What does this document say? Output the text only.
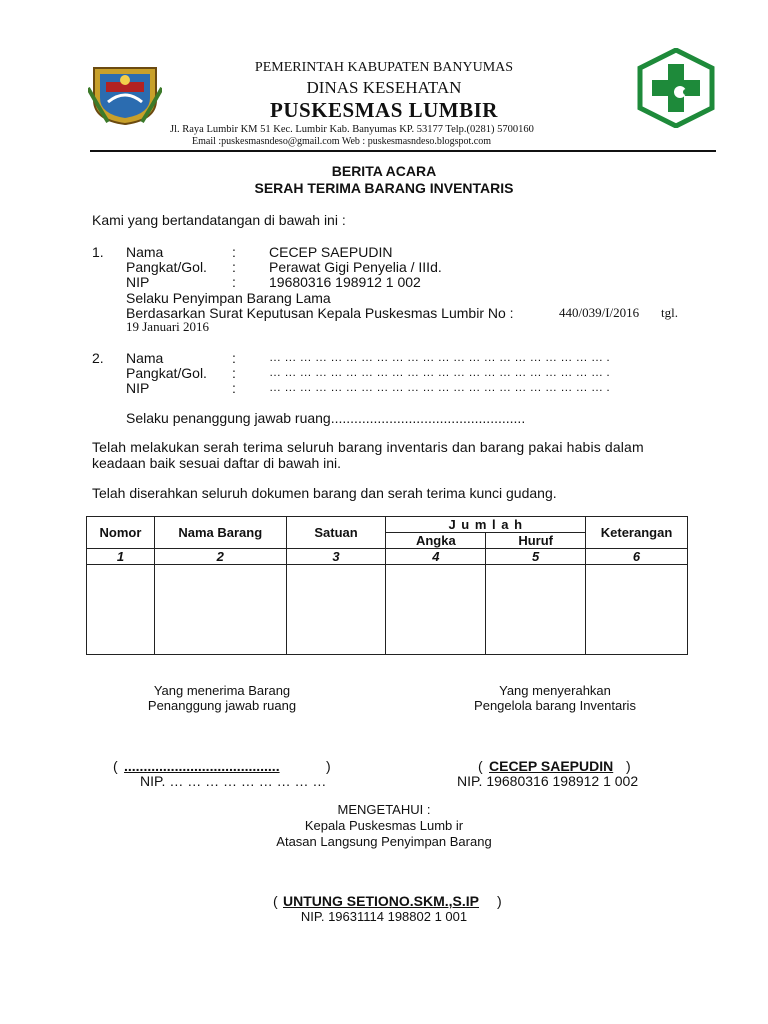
PEMERINTAH KABUPATEN BANYUMAS
DINAS KESEHATAN
PUSKESMAS LUMBIR
Jl. Raya Lumbir KM 51 Kec. Lumbir Kab. Banyumas KP. 53177 Telp.(0281) 5700160
Email :puskesmasndeso@gmail.com Web : puskesmasndeso.blogspot.com
BERITA ACARA
SERAH TERIMA BARANG INVENTARIS
Kami yang bertandatangan di bawah ini :
1. Nama	: CECEP SAEPUDIN
Pangkat/Gol. : Perawat Gigi Penyelia / IIId.
NIP	: 19680316 198912 1 002
Selaku Penyimpan Barang Lama
Berdasarkan Surat Keputusan Kepala Puskesmas Lumbir No :	440/039/I/2016 tgl.
19 Januari 2016
2. Nama	:	… … … … … … … … … … … … … … … … … … … … … … .
Pangkat/Gol. :	… … … … … … … … … … … … … … … … … … … … … … .
NIP	:	… … … … … … … … … … … … … … … … … … … … … … .
Selaku penanggung jawab ruang..................................................
Telah melakukan serah terima seluruh barang inventaris dan barang pakai habis dalam
keadaan baik sesuai daftar di bawah ini.
Telah diserahkan seluruh dokumen barang dan serah terima kunci gudang.
Nomor	Nama Barang	Satuan	J u m l a h		Keterangan
			Angka	Huruf	
1	2	3	4	5	6

Yang menerima Barang
Penanggung jawab ruang
Yang menyerahkan
Pengelola barang Inventaris
( ........................................	)
NIP. … … … … … … … … …
( CECEP SAEPUDIN )
NIP. 19680316 198912 1 002
MENGETAHUI :
Kepala Puskesmas Lumb ir
Atasan Langsung Penyimpan Barang
( UNTUNG SETIONO.SKM.,S.IP )
NIP. 19631114 198802 1 001
